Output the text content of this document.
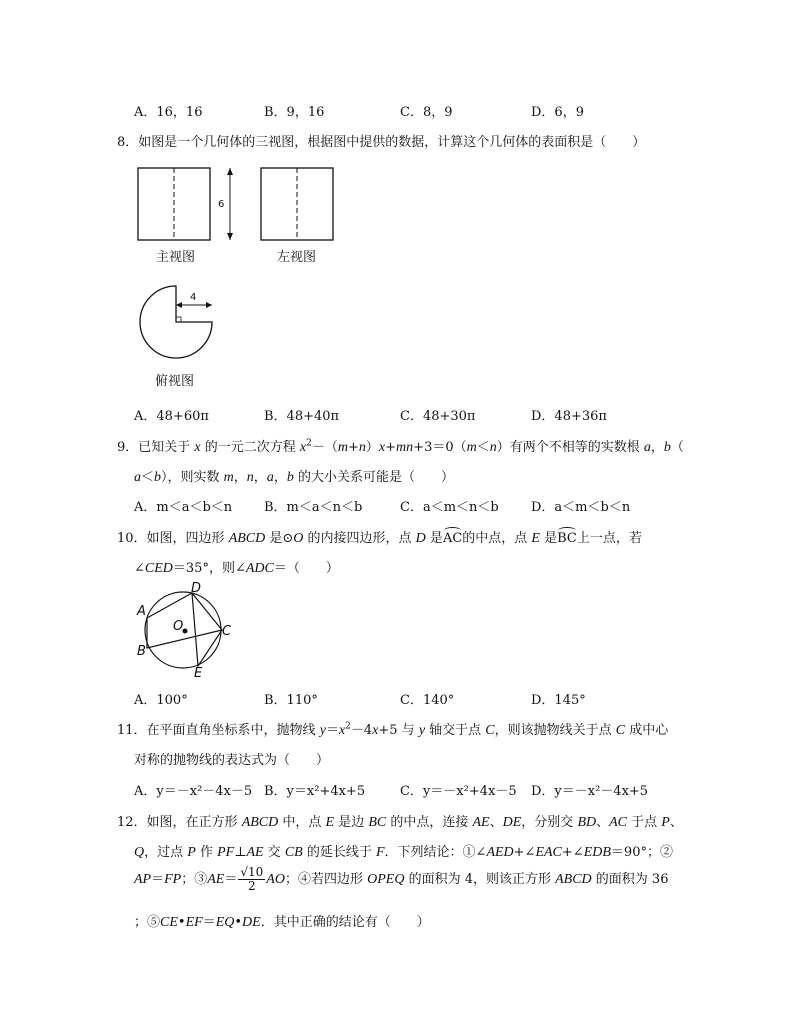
A．16，16	B．9，16	C．8，9	D．6，9
8．如图是一个几何体的三视图，根据图中提供的数据，计算这个几何体的表面积是（　　）
6
4
主视图	左视图
俯视图
A．48+60π	B．48+40π	C．48+30π	D．48+36π
9．已知关于 x 的一元二次方程 $x^2-(m+n)x+mn+3=0(m<n)$有两个不相等的实数根 a，b（
a＜b），则实数 m，n，a，b 的大小关系可能是（　　）
A．m＜a＜b＜n B．m＜a＜n＜b	C．a＜m＜n＜b D．a＜m＜b＜n
10．如图，四边形 ABCD 是⊙O 的内接四边形，点 D 是AC的中点，点 E 是BC上一点，若
∠CED＝35°，则∠ADC＝（　　）
A
D
O	C
B
E
A．100°	B．110°	C．140°	D．145°
11．在平面直角坐标系中，抛物线 $y=x^2-4x+5$ 与 y 轴交于点 C，则该抛物线关于点 C 成中心
对称的抛物线的表达式为（　　）
A．y＝－x²－4x－5 B．y＝x²+4x+5	C．y＝－x²+4x－5 D．y＝－x²－4x+5
12．如图，在正方形 ABCD 中，点 E 是边 BC 的中点，连接 AE、DE，分别交 BD、AC 于点 P、
Q，过点 P 作 PF⊥AE 交 CB 的延长线于 F．下列结论：①∠AED+∠EAC+∠EDB＝90°；②
AP＝FP；③AE＝ $\frac{√10}{2}$ AO；④若四边形 OPEQ 的面积为 4，则该正方形 ABCD 的面积为 36
；⑤CE•EF＝EQ•DE．其中正确的结论有（　　）
